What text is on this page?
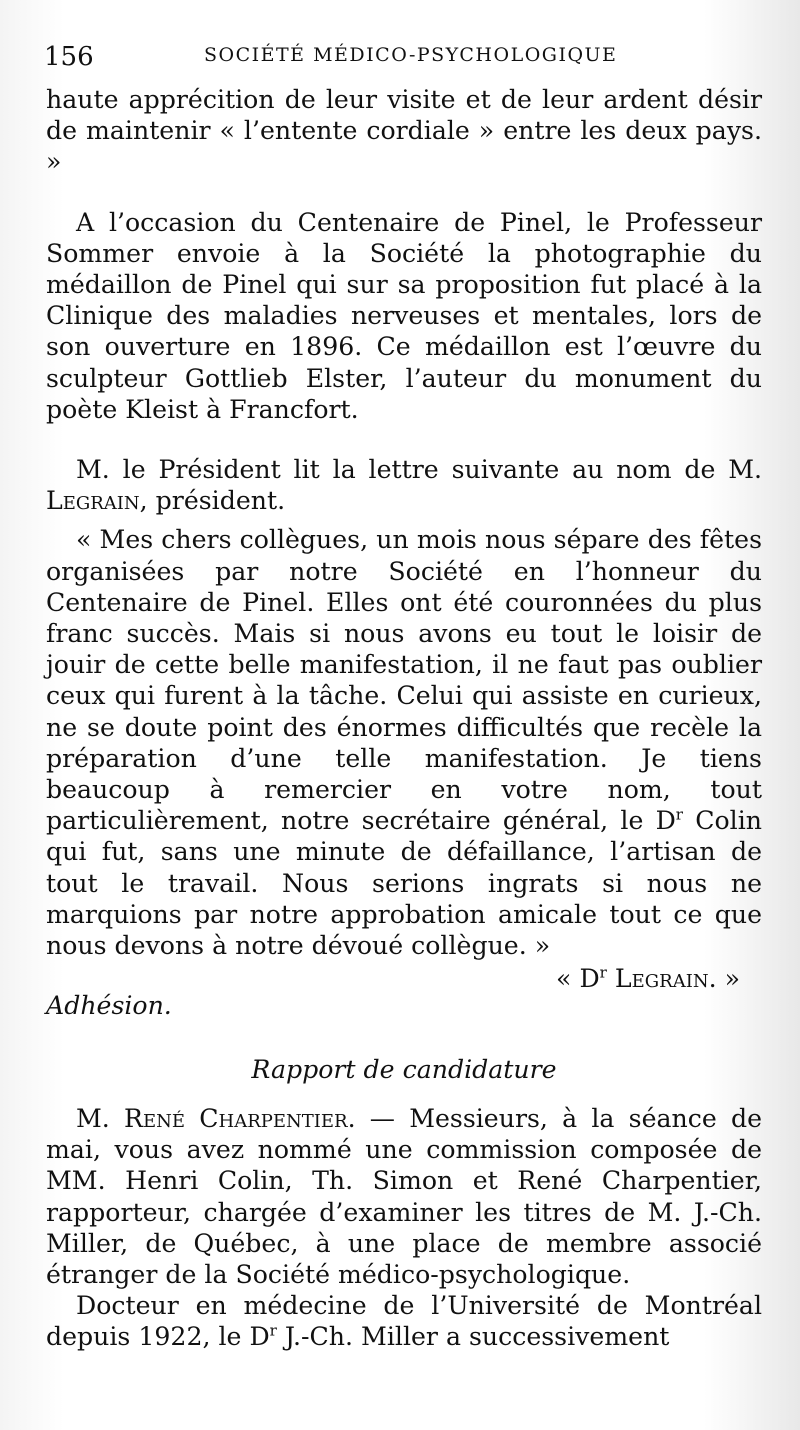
156	SOCIÉTÉ MÉDICO-PSYCHOLOGIQUE

haute apprécition de leur visite et de leur ardent désir de maintenir « l’entente cordiale » entre les deux pays. »

A l’occasion du Centenaire de Pinel, le Professeur Sommer envoie à la Société la photographie du médaillon de Pinel qui sur sa proposition fut placé à la Clinique des maladies nerveuses et mentales, lors de son ouverture en 1896. Ce médaillon est l’œuvre du sculpteur Gottlieb Elster, l’auteur du monument du poète Kleist à Francfort.

M. le Président lit la lettre suivante au nom de M. Legrain, président.

« Mes chers collègues, un mois nous sépare des fêtes organisées par notre Société en l’honneur du Centenaire de Pinel. Elles ont été couronnées du plus franc succès. Mais si nous avons eu tout le loisir de jouir de cette belle manifestation, il ne faut pas oublier ceux qui furent à la tâche. Celui qui assiste en curieux, ne se doute point des énormes difficultés que recèle la préparation d’une telle manifestation. Je tiens beaucoup à remercier en votre nom, tout particulièrement, notre secrétaire général, le $D^r$ Colin qui fut, sans une minute de défaillance, l’artisan de tout le travail. Nous serions ingrats si nous ne marquions par notre approbation amicale tout ce que nous devons à notre dévoué collègue. »

« $D^r$ Legrain. »

Adhésion.

Rapport de candidature

M. René Charpentier. — Messieurs, à la séance de mai, vous avez nommé une commission composée de MM. Henri Colin, Th. Simon et René Charpentier, rapporteur, chargée d’examiner les titres de M. J.-Ch. Miller, de Québec, à une place de membre associé étranger de la Société médico-psychologique.

Docteur en médecine de l’Université de Montréal depuis 1922, le $D^r$ J.-Ch. Miller a successivement
